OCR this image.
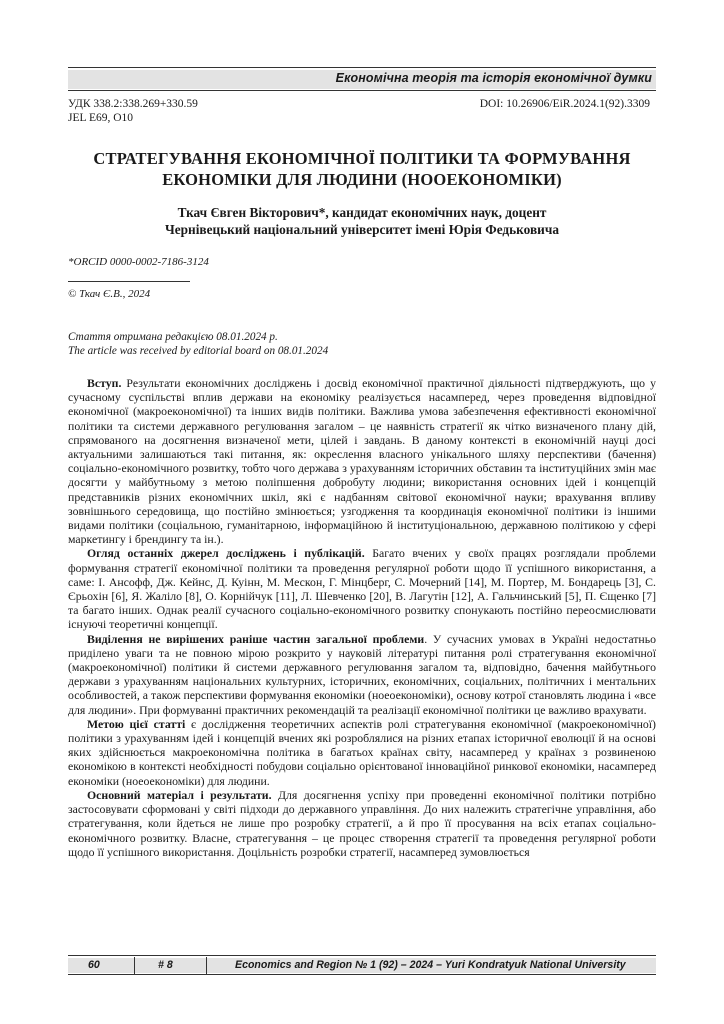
Економічна теорія та історія економічної думки
УДК 338.2:338.269+330.59
JEL E69, O10
DOI: 10.26906/EiR.2024.1(92).3309
СТРАТЕГУВАННЯ ЕКОНОМІЧНОЇ ПОЛІТИКИ ТА ФОРМУВАННЯ
ЕКОНОМІКИ ДЛЯ ЛЮДИНИ (НООЕКОНОМІКИ)
Ткач Євген Вікторович*, кандидат економічних наук, доцент
Чернівецький національний університет імені Юрія Федьковича
*ORCID 0000-0002-7186-3124
© Ткач Є.В., 2024
Стаття отримана редакцією 08.01.2024 р.
The article was received by editorial board on 08.01.2024

Вступ. Результати економічних досліджень і досвід економічної практичної діяльності підтверджують, що у сучасному суспільстві вплив держави на економіку реалізується насамперед, через проведення відповідної економічної (макроекономічної) та інших видів політики. Важлива умова забезпечення ефективності економічної політики та системи державного регулювання загалом – це наявність стратегії як чітко визначеного плану дій, спрямованого на досягнення визначеної мети, цілей і завдань. В даному контексті в економічній науці досі актуальними залишаються такі питання, як: окреслення власного унікального шляху перспективи (бачення) соціально-економічного розвитку, тобто чого держава з урахуванням історичних обставин та інституційних змін має досягти у майбутньому з метою поліпшення добробуту людини; використання основних ідей і концепцій представників різних економічних шкіл, які є надбанням світової економічної науки; врахування впливу зовнішнього середовища, що постійно змінюється; узгодження та координація економічної політики із іншими видами політики (соціальною, гуманітарною, інформаційною й інституціональною, державною політикою у сфері маркетингу і брендингу та ін.).

Огляд останніх джерел досліджень і публікацій. Багато вчених у своїх працях розглядали проблеми формування стратегії економічної політики та проведення регулярної роботи щодо її успішного використання, а саме: І. Ансофф, Дж. Кейнс, Д. Куінн, М. Мескон, Г. Мінцберг, С. Мочерний [14], М. Портер, М. Бондарець [3], С. Єрьохін [6], Я. Жаліло [8], О. Корнійчук [11], Л. Шевченко [20], В. Лагутін [12], А. Гальчинський [5], П. Єщенко [7] та багато інших. Однак реалії сучасного соціально-економічного розвитку спонукають постійно переосмислювати існуючі теоретичні концепції.

Виділення не вирішених раніше частин загальної проблеми. У сучасних умовах в Україні недостатньо приділено уваги та не повною мірою розкрито у науковій літературі питання ролі стратегування економічної (макроекономічної) політики й системи державного регулювання загалом та, відповідно, бачення майбутнього держави з урахуванням національних культурних, історичних, економічних, соціальних, політичних і ментальних особливостей, а також перспективи формування економіки (ноеоекономіки), основу котрої становлять людина і «все для людини». При формуванні практичних рекомендацій та реалізації економічної політики це важливо врахувати.

Метою цієї статті є дослідження теоретичних аспектів ролі стратегування економічної (макроекономічної) політики з урахуванням ідей і концепцій вчених які розроблялися на різних етапах історичної еволюції й на основі яких здійснюється макроекономічна політика в багатьох країнах світу, насамперед у країнах з розвиненою економікою в контексті необхідності побудови соціально орієнтованої інноваційної ринкової економіки, насамперед економіки (ноеоекономіки) для людини.

Основний матеріал і результати. Для досягнення успіху при проведенні економічної політики потрібно застосовувати сформовані у світі підходи до державного управління. До них належить стратегічне управління, або стратегування, коли йдеться не лише про розробку стратегії, а й про її просування на всіх етапах соціально-економічного розвитку. Власне, стратегування – це процес створення стратегії та проведення регулярної роботи щодо її успішного використання. Доцільність розробки стратегії, насамперед зумовлюється

60	# 8	Economics and Region № 1 (92) – 2024 – Yuri Kondratyuk National University
